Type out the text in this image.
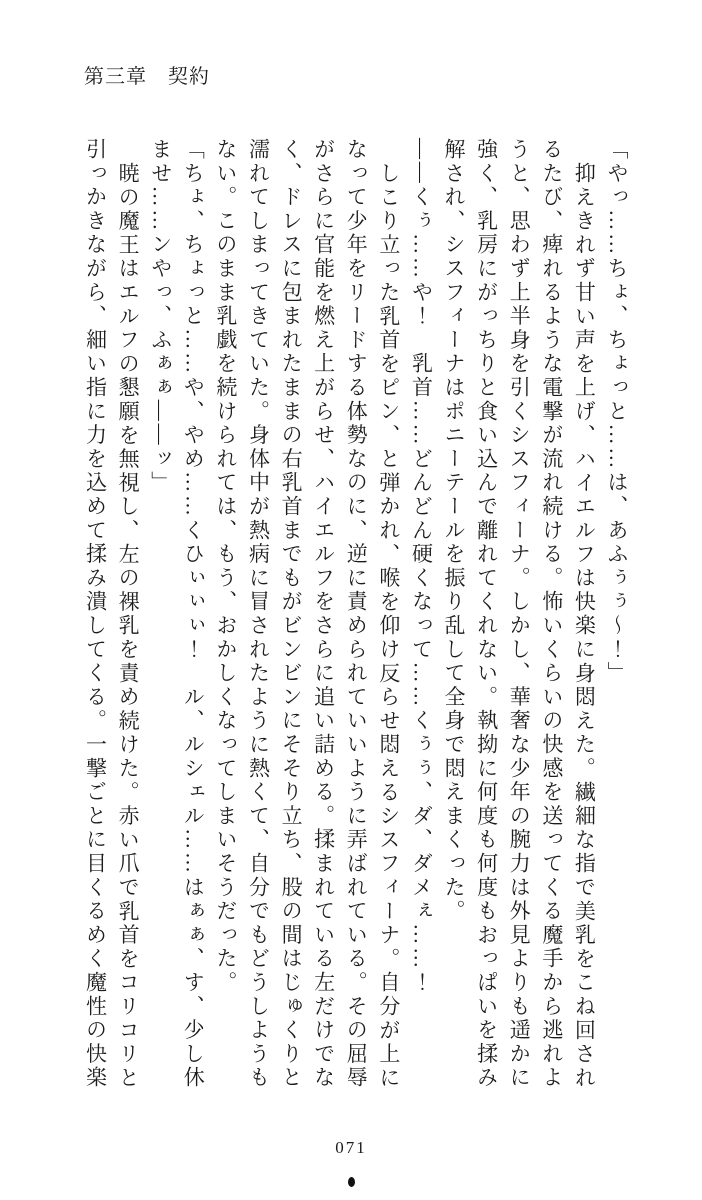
第三章　契約

「やっ……ちょ、ちょっと……は、あふぅぅ～！」

抑えきれず甘い声を上げ、ハイエルフは快楽に身悶えた。繊細な指で美乳をこね回されるたび、痺れるような電撃が流れ続ける。怖いくらいの快感を送ってくる魔手から逃れようと、思わず上半身を引くシスフィーナ。しかし、華奢な少年の腕力は外見よりも遥かに強く、乳房にがっちりと食い込んで離れてくれない。執拗に何度も何度もおっぱいを揉み解され、シスフィーナはポニーテールを振り乱して全身で悶えまくった。

――くぅ……や！　乳首……どんどん硬くなって……くぅぅ、ダ、ダメぇ……！

しこり立った乳首をピン、と弾かれ、喉を仰け反らせ悶えるシスフィーナ。自分が上になって少年をリードする体勢なのに、逆に責められていいように弄ばれている。その屈辱がさらに官能を燃え上がらせ、ハイエルフをさらに追い詰める。揉まれている左だけでなく、ドレスに包まれたままの右乳首までもがビンビンにそそり立ち、股の間はじゅくりと濡れてしまってきていた。身体中が熱病に冒されたように熱くて、自分でもどうしようもない。このまま乳戯を続けられては、もう、おかしくなってしまいそうだった。

「ちょ、ちょっと……や、やめ……くひぃぃぃ！　ル、ルシェル……はぁぁ、す、少し休ませ……ンやっ、ふぁぁ――ッ」

暁の魔王はエルフの懇願を無視し、左の裸乳を責め続けた。赤い爪で乳首をコリコリと引っかきながら、細い指に力を込めて揉み潰してくる。一撃ごとに目くるめく魔性の快楽

071
